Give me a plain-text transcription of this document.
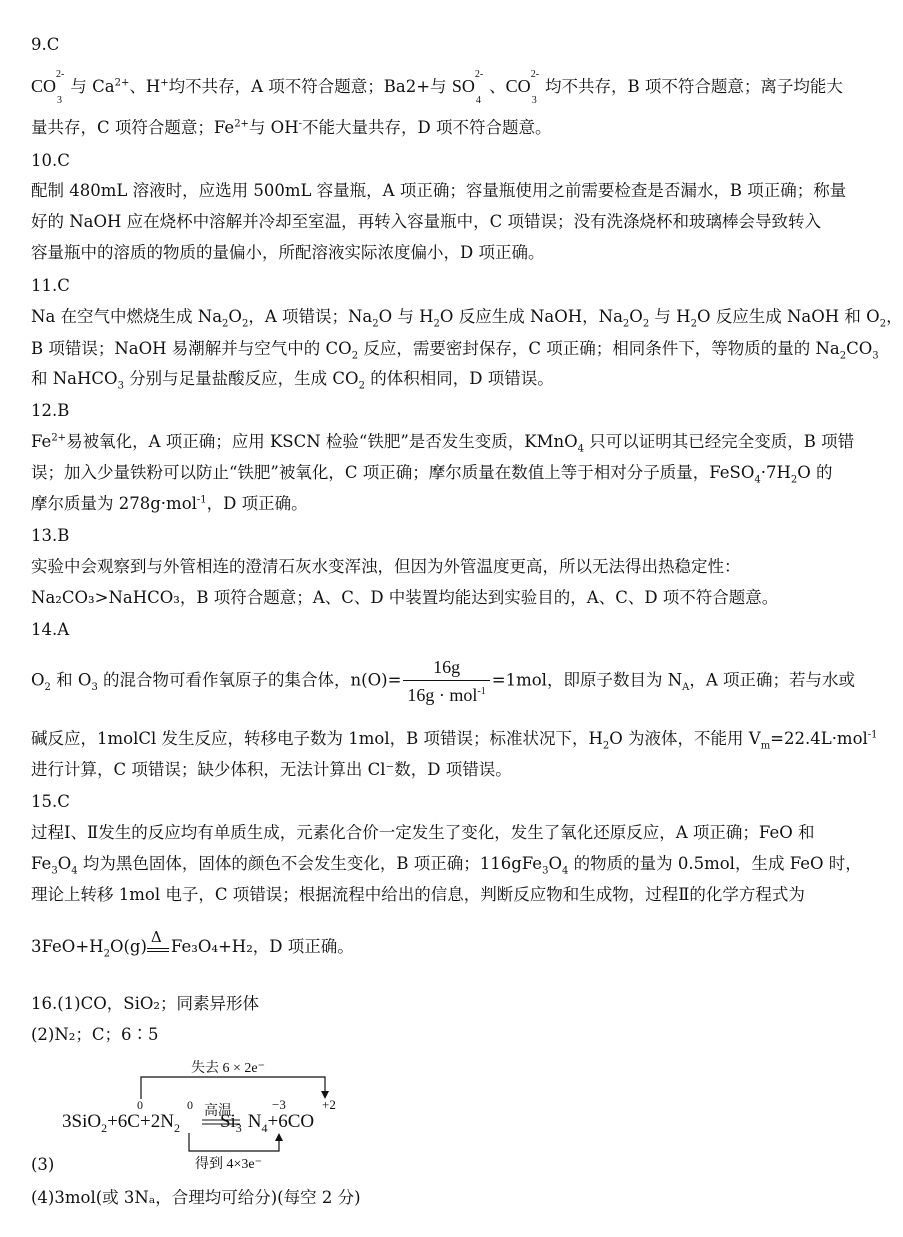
9.C
$CO_3^{2-}$与 $Ca^{2+}$、H+均不共存，A 项不符合题意；Ba2+与 $SO_4^{2-}$、$CO_3^{2-}$均不共存，B 项不符合题意；离子均能大
量共存，C 项符合题意；$Fe^{2+}$与 OH-不能大量共存，D 项不符合题意。
10.C
配制 480mL 溶液时，应选用 500mL 容量瓶，A 项正确；容量瓶使用之前需要检查是否漏水，B 项正确；称量
好的 NaOH 应在烧杯中溶解并冷却至室温，再转入容量瓶中，C 项错误；没有洗涤烧杯和玻璃棒会导致转入
容量瓶中的溶质的物质的量偏小，所配溶液实际浓度偏小，D 项正确。
11.C
Na 在空气中燃烧生成 $Na_2O_2$，A 项错误；$Na_2O$ 与 $H_2O$ 反应生成 NaOH，$Na_2O_2$ 与 $H_2O$ 反应生成 NaOH 和 $O_2$，
B 项错误；NaOH 易潮解并与空气中的 $CO_2$ 反应，需要密封保存，C 项正确；相同条件下，等物质的量的 $Na_2CO_3$
和 NaHCO$_3$ 分别与足量盐酸反应，生成 $CO_2$ 的体积相同，D 项错误。
12.B
$Fe^{2+}$易被氧化，A 项正确；应用 KSCN 检验“铁肥”是否发生变质，KMnO$_4$ 只可以证明其已经完全变质，B 项错
误；加入少量铁粉可以防止“铁肥”被氧化，C 项正确；摩尔质量在数值上等于相对分子质量，$FeSO_4\cdot 7H_2O$ 的
摩尔质量为 278g·mol$^{-1}$，D 项正确。
13.B
实验中会观察到与外管相连的澄清石灰水变浑浊，但因为外管温度更高，所以无法得出热稳定性：
Na₂CO₃>NaHCO₃，B 项符合题意；A、C、D 中装置均能达到实验目的，A、C、D 项不符合题意。
14.A
$O_2$ 和 $O_3$ 的混合物可看作氧原子的集合体，$n(O)= \frac{16g}{16g \cdot mol^{-1}} =1mol$，即原子数目为 $N_A$，A 项正确；若与水或
碱反应，1molCl 发生反应，转移电子数为 1mol，B 项错误；标准状况下，$H_2O$ 为液体，不能用 $V_m=22.4L\cdot mol^{-1}$
进行计算，C 项错误；缺少体积，无法计算出 Cl⁻数，D 项错误。
15.C
过程Ⅰ、Ⅱ发生的反应均有单质生成，元素化合价一定发生了变化，发生了氧化还原反应，A 项正确；FeO 和
$Fe_3O_4$ 均为黑色固体，固体的颜色不会发生变化，B 项正确；$116gFe_3O_4$ 的物质的量为 0.5mol，生成 FeO 时，
理论上转移 1mol 电子，C 项错误；根据流程中给出的信息，判断反应物和生成物，过程Ⅱ的化学方程式为
$3FeO+H_2O(g)$ Δ Fe₃O₄+H₂，D 项正确。
16.(1)CO，SiO₂；同素异形体
(2)N₂；C；6∶5
失去 6 × 2e⁻
0	0	−3	+2
高温
$3SiO_2+6C+2N_2$ $Si_3$ $N_4+6CO$
得到 4×3e⁻
(3)
(4)3mol(或 3Nₐ，合理均可给分)(每空 2 分)
